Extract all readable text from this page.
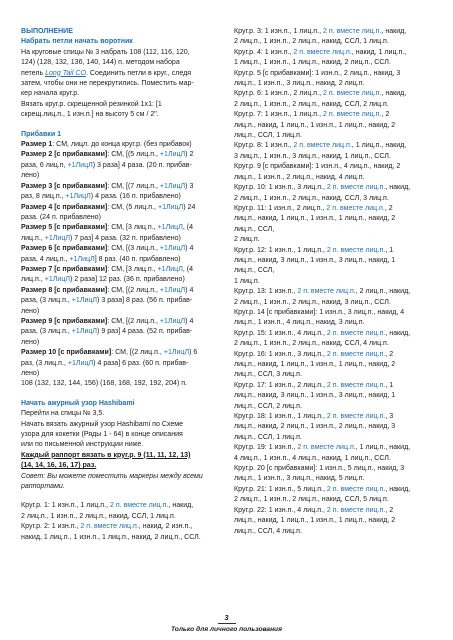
ВЫПОЛНЕНИЕ
Набрать петли начать воротник
На круговые спицы № 3 набрать 108 (112, 116, 120,
124) (128, 132, 136, 140, 144) п. методом набора
петель Long Tail CO. Соединить петли в круг., следя
затем, чтобы они не перекрутились. Поместить мар-
кер начала круг.р.
Вязать круг.р. скрещенной резинкой 1х1: [1
скрещ.лиц.п., 1 изн.п.] на высоту 5 см / 2".
Прибавки 1
Размер 1: СМ, лицл. до конца круг.р. (без прибавок)
Размер 2 [с прибавками]: СМ, [(5 лиц.п., +1ЛицЛ) 2
раза, 6 лиц.п, +1ЛицЛ) 3 раза] 4 раза. (20 п. прибав-
лено)
Размер 3 [с прибавками]: СМ, [(7 лиц.п., +1ЛицЛ) 3
раз, 8 лиц.п., +1ЛицЛ) 4 раза. (16 п. прибавлено)
Размер 4 [с прибавками]: СМ, (5 лиц.п., +1ЛицЛ) 24
раза. (24 п. прибавлено)
Размер 5 [с прибавками]: СМ, [3 лиц.п., +1ЛицЛ, (4
лиц.п., +1ЛицЛ) 7 раз] 4 раза. (32 п. прибавлено)
Размер 6 [с прибавками]: СМ, [(3 лиц.п., +1ЛицЛ) 4
раза, 4 лиц.п., +1ЛицЛ] 8 раз. (40 п. прибавлено)
Размер 7 [с прибавками]: СМ, [3 лиц.п., +1ЛицЛ, (4
лиц.п., +1ЛицЛ) 2 раза] 12 раз. (36 п. прибавлено)
Размер 8 [с прибавками]: СМ, [(2 лиц.п., +1ЛицЛ) 4
раза, (3 лиц.п., +1ЛицЛ) 3 раза] 8 раз. (56 п. прибав-
лено)
Размер 9 [с прибавками]: СМ, [(2 лиц.п., +1ЛицЛ) 4
раза, (3 лиц.п., +1ЛицЛ) 9 раз] 4 раза. (52 п. прибав-
лено)
Размер 10 [с прибавками]: СМ, [(2 лиц.п., +1ЛицЛ) 6
раз, (3 лиц.п., +1ЛицЛ) 4 раза] 6 раз. (60 п. прибав-
лено)
108 (132, 132, 144, 156) (168, 168, 192, 192, 204) п.
Начать ажурный узор Hashibami
Перейти на спицы № 3,5.
Начать вязать ажурный узор Hashibami по Схеме
узора для кокетки (Ряды 1 - 64) в конце описания
или по письменной инструкции ниже.
Каждый раппорт вязать в круг.р. 9 (11, 11, 12, 13)
(14, 14, 16, 16, 17) раз.
Совет: Вы можете поместить маркеры между всеми
раппортами.
Круг.р. 1: 1 изн.п., 1 лиц.п., 2 п. вместе лиц.п., накид,
2 лиц.п., 1 изн.п., 2 лиц.п., накид, ССЛ, 1 лиц.п.
Круг.р. 2: 1 изн.п., 2 п. вместе лиц.п., накид, 2 изн.п.,
накид, 1 лиц.п., 1 изн.п., 1 лиц.п., накид, 2 лиц.п., ССЛ.
Круг.р. 3: 1 изн.п., 1 лиц.п., 2 п. вместе лиц.п., накид,
2 лиц.п., 1 изн.п., 2 лиц.п., накид, ССЛ, 1 лиц.п.
Круг.р. 4: 1 изн.п., 2 п. вместе лиц.п., накид, 1 лиц.п.,
1 лиц.п., 1 изн.п., 1 лиц.п., накид, 2 лиц.п., ССЛ.
Круг.р. 5 [с прибавками]: 1 изн.п., 2 лиц.п., накид, 3
лиц.п., 1 изн.п., 3 лиц.п., накид, 2 лиц.п.
Круг.р. 6: 1 изн.п., 2 лиц.п., 2 п. вместе лиц.п., накид,
2 лиц.п., 1 изн.п., 2 лиц.п., накид, ССЛ, 2 лиц.п.
Круг.р. 7: 1 изн.п., 1 лиц.п., 2 п. вместе лиц.п., 2
лиц.п., накид, 1 лиц.п., 1 изн.п., 1 лиц.п., накид, 2
лиц.п., ССЛ, 1 лиц.п.
Круг.р. 8: 1 изн.п., 2 п. вместе лиц.п., 1 лиц.п., накид,
3 лиц.п., 1 изн.п., 3 лиц.п., накид, 1 лиц.п., ССЛ.
Круг.р. 9 [с прибавками]: 1 изн.п., 4 лиц.п., накид, 2
лиц.п., 1 изн.п., 2 лиц.п., накид, 4 лиц.п.
Круг.р. 10: 1 изн.п., 3 лиц.п., 2 п. вместе лиц.п., накид,
2 лиц.п., 1 изн.п., 2 лиц.п., накид, ССЛ, 3 лиц.п.
Круг.р. 11: 1 изн.п., 2 лиц.п., 2 п. вместе лиц.п., 2
лиц.п., накид, 1 лиц.п., 1 изн.п., 1 лиц.п., накид, 2
лиц.п., ССЛ,
2 лиц.п.
Круг.р. 12: 1 изн.п., 1 лиц.п., 2 п. вместе лиц.п., 1
лиц.п., накид, 3 лиц.п., 1 изн.п., 3 лиц.п., накид, 1
лиц.п., ССЛ,
1 лиц.п.
Круг.р. 13: 1 изн.п., 2 п. вместе лиц.п., 2 лиц.п., накид,
2 лиц.п., 1 изн.п., 2 лиц.п., накид, 3 лиц.п., ССЛ.
Круг.р. 14 [с прибавками]: 1 изн.п., 3 лиц.п., накид, 4
лиц.п., 1 изн.п., 4 лиц.п., накид, 3 лиц.п.
Круг.р. 15: 1 изн.п., 4 лиц.п., 2 п. вместе лиц.п., накид,
2 лиц.п., 1 изн.п., 2 лиц.п., накид, ССЛ, 4 лиц.п.
Круг.р. 16: 1 изн.п., 3 лиц.п., 2 п. вместе лиц.п., 2
лиц.п., накид, 1 лиц.п., 1 изн.п., 1 лиц.п., накид, 2
лиц.п., ССЛ, 3 лиц.п.
Круг.р. 17: 1 изн.п., 2 лиц.п., 2 п. вместе лиц.п., 1
лиц.п., накид, 3 лиц.п., 1 изн.п., 3 лиц.п., накид, 1
лиц.п., ССЛ, 2 лиц.п.
Круг.р. 18: 1 изн.п., 1 лиц.п., 2 п. вместе лиц.п., 3
лиц.п., накид, 2 лиц.п., 1 изн.п., 2 лиц.п., накид, 3
лиц.п., ССЛ, 1 лиц.п.
Круг.р. 19: 1 изн.п., 2 п. вместе лиц.п., 1 лиц.п., накид,
4 лиц.п., 1 изн.п., 4 лиц.п., накид, 1 лиц.п., ССЛ.
Круг.р. 20 [с прибавками]: 1 изн.п., 5 лиц.п., накид, 3
лиц.п., 1 изн.п., 3 лиц.п., накид, 5 лиц.п.
Круг.р. 21: 1 изн.п., 5 лиц.п., 2 п. вместе лиц.п., накид,
2 лиц.п., 1 изн.п., 2 лиц.п., накид, ССЛ, 5 лиц.п.
Круг.р. 22: 1 изн.п., 4 лиц.п., 2 п. вместе лиц.п., 2
лиц.п., накид, 1 лиц.п., 1 изн.п., 1 лиц.п., накид, 2
лиц.п., ССЛ, 4 лиц.п.
3
Только для личного пользования
